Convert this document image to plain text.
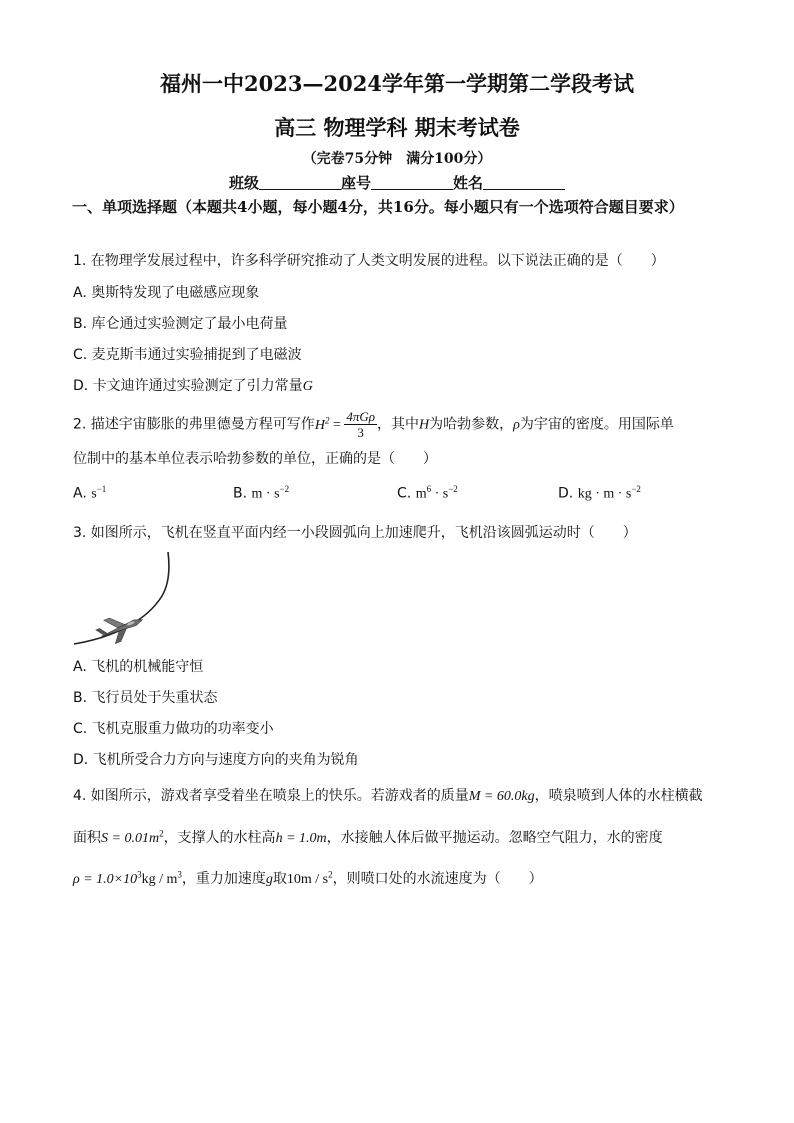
福州一中2023—2024学年第一学期第二学段考试
高三 物理学科 期末考试卷
（完卷75分钟　满分100分）
班级	座号	姓名
一、单项选择题（本题共4小题，每小题4分，共16分。每小题只有一个选项符合题目要求）
1. 在物理学发展过程中，许多科学研究推动了人类文明发展的进程。以下说法正确的是（　　）
A. 奥斯特发现了电磁感应现象
B. 库仑通过实验测定了最小电荷量
C. 麦克斯韦通过实验捕捉到了电磁波
D. 卡文迪许通过实验测定了引力常量G
2. 描述宇宙膨胀的弗里德曼方程可写作$H^2 = \frac{\text{4πGρ}}{3}$ ，其中H为哈勃参数，ρ为宇宙的密度。用国际单
位制中的基本单位表示哈勃参数的单位，正确的是（　　）
A. $s^{-1}$	B. $m \cdot s^{-2}$	C. $m^6 \cdot s^{-2}$	D. kg · $m \cdot s^{-2}$
3. 如图所示，飞机在竖直平面内经一小段圆弧向上加速爬升，飞机沿该圆弧运动时（　　）
A. 飞机的机械能守恒
B. 飞行员处于失重状态
C. 飞机克服重力做功的功率变小
D. 飞机所受合力方向与速度方向的夹角为锐角
4. 如图所示，游戏者享受着坐在喷泉上的快乐。若游戏者的质量M = 60.0kg，喷泉喷到人体的水柱横截
面积$S = 0.01m^2$，支撑人的水柱高h = 1.0m，水接触人体后做平抛运动。忽略空气阻力，水的密度
$\rho = 1.0\times 10^3kg / m^3$，重力加速度g取$10m / s^2$，则喷口处的水流速度为（　　）
